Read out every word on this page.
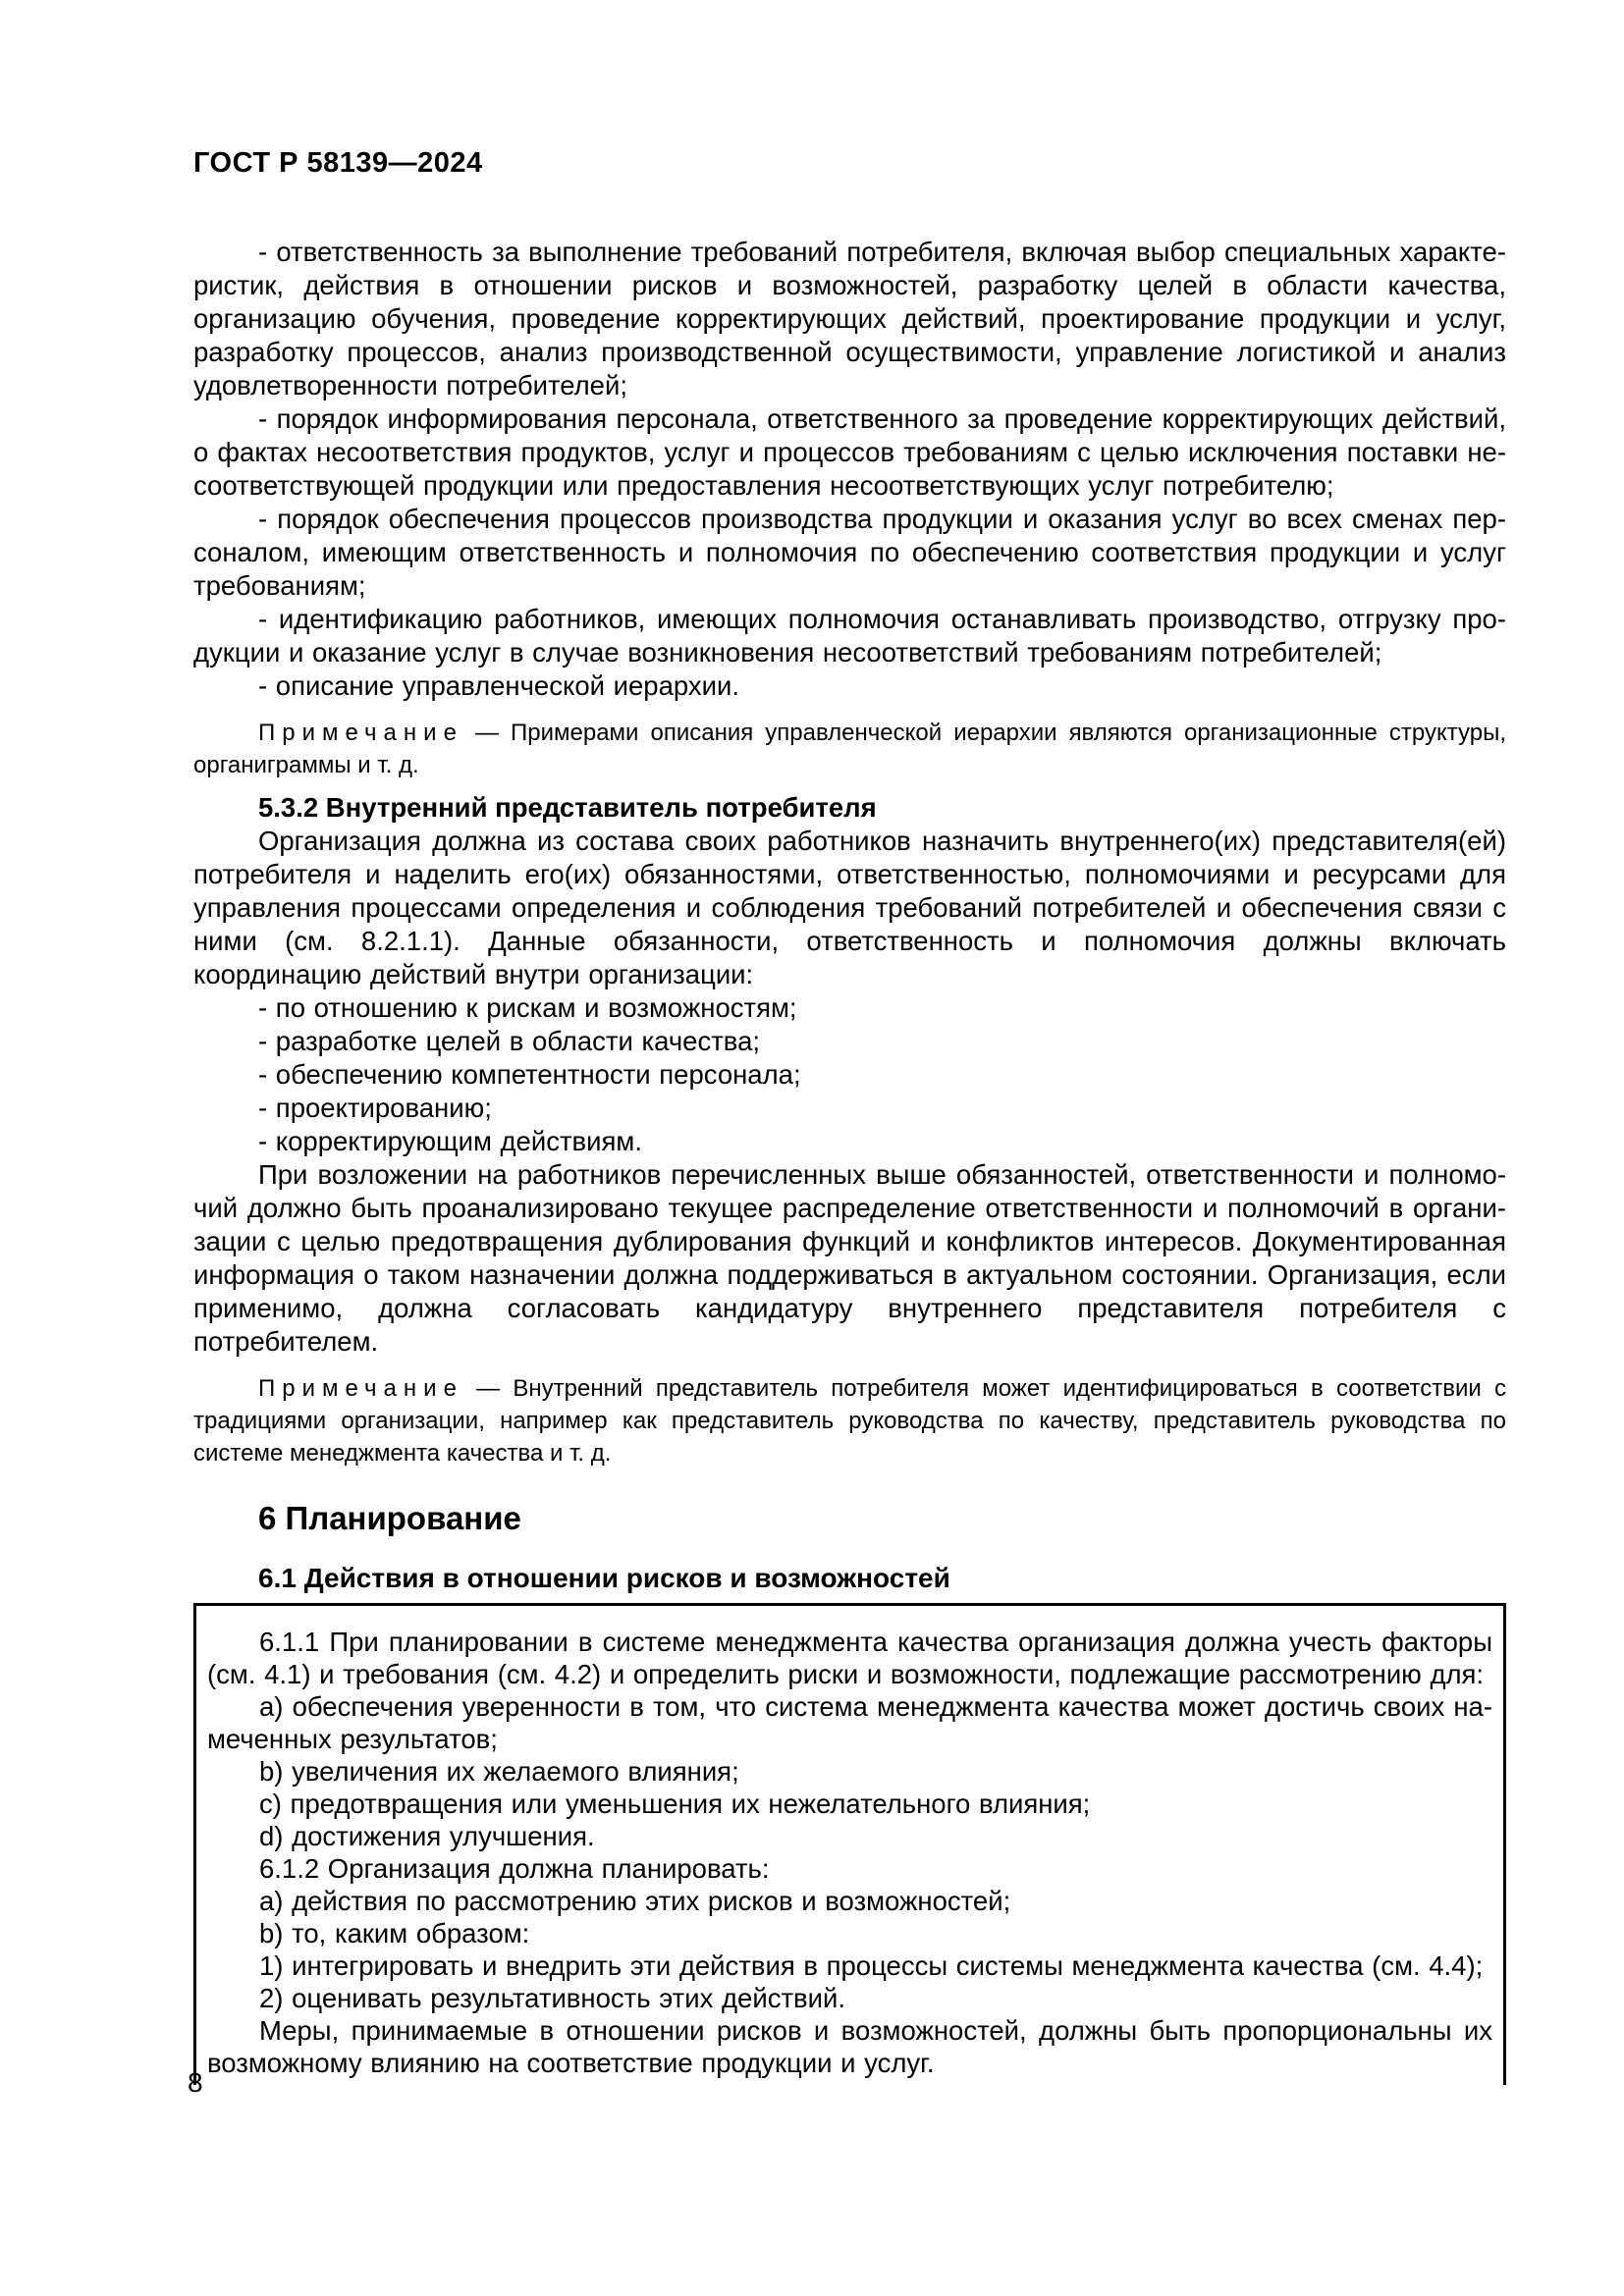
ГОСТ Р 58139—2024

- ответственность за выполнение требований потребителя, включая выбор специальных характеристик, действия в отношении рисков и возможностей, разработку целей в области качества, организацию обучения, проведение корректирующих действий, проектирование продукции и услуг, разработку процессов, анализ производственной осуществимости, управление логистикой и анализ удовлетворенности потребителей;

- порядок информирования персонала, ответственного за проведение корректирующих действий, о фактах несоответствия продуктов, услуг и процессов требованиям с целью исключения поставки несоответствующей продукции или предоставления несоответствующих услуг потребителю;

- порядок обеспечения процессов производства продукции и оказания услуг во всех сменах персоналом, имеющим ответственность и полномочия по обеспечению соответствия продукции и услуг требованиям;

- идентификацию работников, имеющих полномочия останавливать производство, отгрузку продукции и оказание услуг в случае возникновения несоответствий требованиям потребителей;

- описание управленческой иерархии.

Примечание — Примерами описания управленческой иерархии являются организационные структуры, органиграммы и т. д.

5.3.2 Внутренний представитель потребителя

Организация должна из состава своих работников назначить внутреннего(их) представителя(ей) потребителя и наделить его(их) обязанностями, ответственностью, полномочиями и ресурсами для управления процессами определения и соблюдения требований потребителей и обеспечения связи с ними (см. 8.2.1.1). Данные обязанности, ответственность и полномочия должны включать координацию действий внутри организации:

- по отношению к рискам и возможностям;

- разработке целей в области качества;

- обеспечению компетентности персонала;

- проектированию;

- корректирующим действиям.

При возложении на работников перечисленных выше обязанностей, ответственности и полномочий должно быть проанализировано текущее распределение ответственности и полномочий в организации с целью предотвращения дублирования функций и конфликтов интересов. Документированная информация о таком назначении должна поддерживаться в актуальном состоянии. Организация, если применимо, должна согласовать кандидатуру внутреннего представителя потребителя с потребителем.

Примечание — Внутренний представитель потребителя может идентифицироваться в соответствии с традициями организации, например как представитель руководства по качеству, представитель руководства по системе менеджмента качества и т. д.

6 Планирование

6.1 Действия в отношении рисков и возможностей

6.1.1 При планировании в системе менеджмента качества организация должна учесть факторы (см. 4.1) и требования (см. 4.2) и определить риски и возможности, подлежащие рассмотрению для:

a) обеспечения уверенности в том, что система менеджмента качества может достичь своих намеченных результатов;

b) увеличения их желаемого влияния;

c) предотвращения или уменьшения их нежелательного влияния;

d) достижения улучшения.

6.1.2 Организация должна планировать:

a) действия по рассмотрению этих рисков и возможностей;

b) то, каким образом:

1) интегрировать и внедрить эти действия в процессы системы менеджмента качества (см. 4.4);

2) оценивать результативность этих действий.

Меры, принимаемые в отношении рисков и возможностей, должны быть пропорциональны их возможному влиянию на соответствие продукции и услуг.

8
